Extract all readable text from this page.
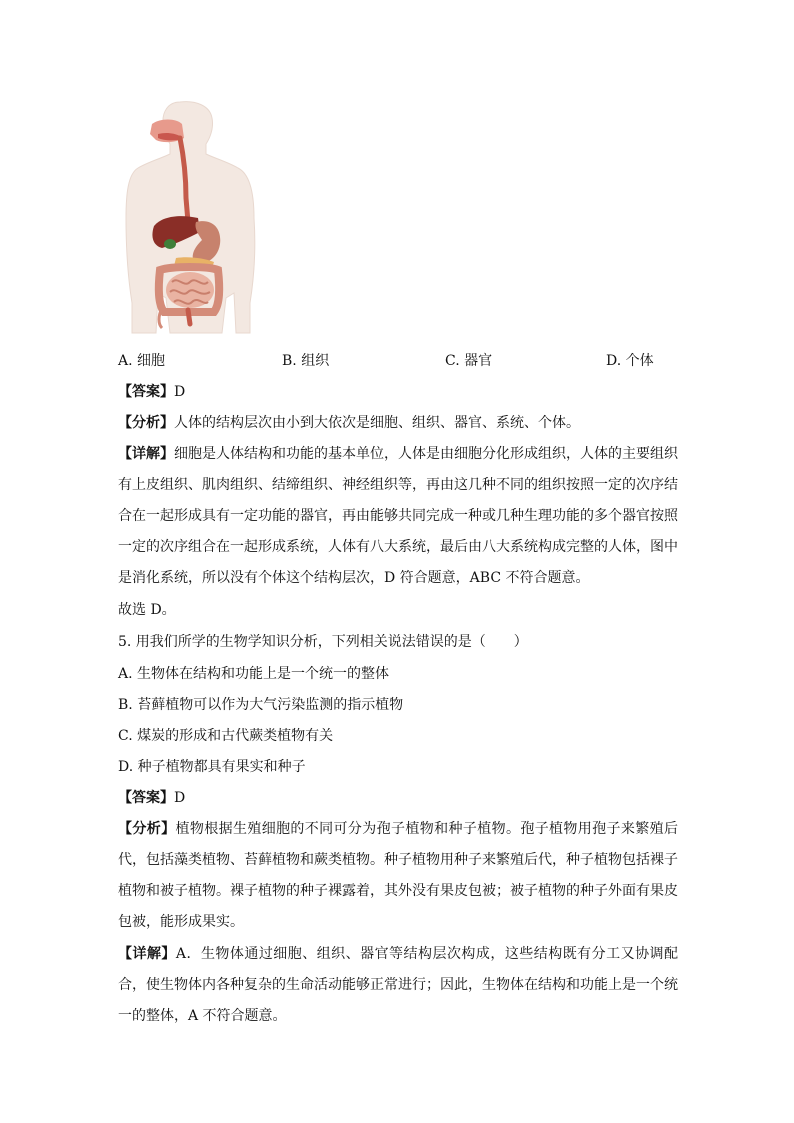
A. 细胞	B. 组织	C. 器官	D. 个体
【答案】D
【分析】人体的结构层次由小到大依次是细胞、组织、器官、系统、个体。
【详解】细胞是人体结构和功能的基本单位，人体是由细胞分化形成组织，人体的主要组织有上皮组织、肌肉组织、结缔组织、神经组织等，再由这几种不同的组织按照一定的次序结合在一起形成具有一定功能的器官，再由能够共同完成一种或几种生理功能的多个器官按照一定的次序组合在一起形成系统，人体有八大系统，最后由八大系统构成完整的人体，图中是消化系统，所以没有个体这个结构层次，D 符合题意，ABC 不符合题意。
故选 D。
5. 用我们所学的生物学知识分析，下列相关说法错误的是（　　）
A. 生物体在结构和功能上是一个统一的整体
B. 苔藓植物可以作为大气污染监测的指示植物
C. 煤炭的形成和古代蕨类植物有关
D. 种子植物都具有果实和种子
【答案】D
【分析】植物根据生殖细胞的不同可分为孢子植物和种子植物。孢子植物用孢子来繁殖后代，包括藻类植物、苔藓植物和蕨类植物。种子植物用种子来繁殖后代，种子植物包括裸子植物和被子植物。裸子植物的种子裸露着，其外没有果皮包被；被子植物的种子外面有果皮包被，能形成果实。
【详解】A．生物体通过细胞、组织、器官等结构层次构成，这些结构既有分工又协调配合，使生物体内各种复杂的生命活动能够正常进行；因此，生物体在结构和功能上是一个统一的整体，A 不符合题意。
